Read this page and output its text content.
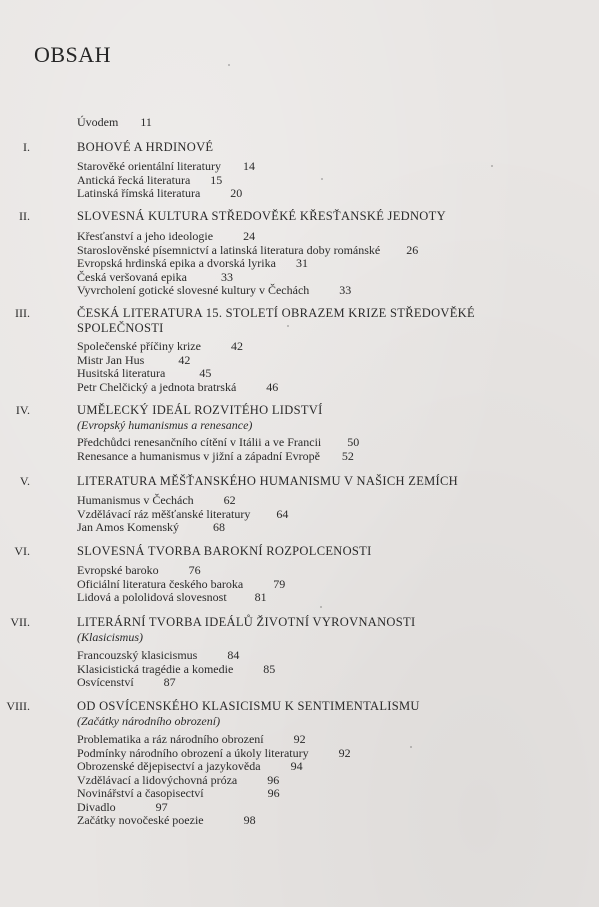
OBSAH
Úvodem 11
I.	BOHOVÉ A HRDINOVÉ
Starověké orientální literatury 14
Antická řecká literatura 15
Latinská římská literatura	20
II.	SLOVESNÁ KULTURA STŘEDOVĚKÉ KŘESŤANSKÉ JEDNOTY
Křesťanství a jeho ideologie	24
Staroslověnské písemnictví a latinská literatura doby románské 26
Evropská hrdinská epika a dvorská lyrika 31
Česká veršovaná epika	33
Vyvrcholení gotické slovesné kultury v Čechách	33
III.	ČESKÁ LITERATURA 15. STOLETÍ OBRAZEM KRIZE STŘEDOVĚKÉ SPOLEČNOSTI
Společenské příčiny krize	42
Mistr Jan Hus	42
Husitská literatura	45
Petr Chelčický a jednota bratrská	46
IV.	UMĚLECKÝ IDEÁL ROZVITÉHO LIDSTVÍ
(Evropský humanismus a renesance)
Předchůdci renesančního cítění v Itálii a ve Francii 50
Renesance a humanismus v jižní a západní Evropě 52
V.	LITERATURA MĚŠŤANSKÉHO HUMANISMU V NAŠICH ZEMÍCH
Humanismus v Čechách	62
Vzdělávací ráz měšťanské literatury 64
Jan Amos Komenský	68
VI.	SLOVESNÁ TVORBA BAROKNÍ ROZPOLCENOSTI
Evropské baroko	76
Oficiální literatura českého baroka	79
Lidová a pololidová slovesnost 81
VII.	LITERÁRNÍ TVORBA IDEÁLŮ ŽIVOTNÍ VYROVNANOSTI
(Klasicismus)
Francouzský klasicismus	84
Klasicistická tragédie a komedie	85
Osvícenství	87
VIII.	OD OSVÍCENSKÉHO KLASICISMU K SENTIMENTALISMU
(Začátky národního obrození)
Problematika a ráz národního obrození	92
Podmínky národního obrození a úkoly literatury	92
Obrozenské dějepisectví a jazykověda	94
Vzdělávací a lidovýchovná próza	96
Novinářství a časopisectví	96
Divadlo	97
Začátky novočeské poezie	98
